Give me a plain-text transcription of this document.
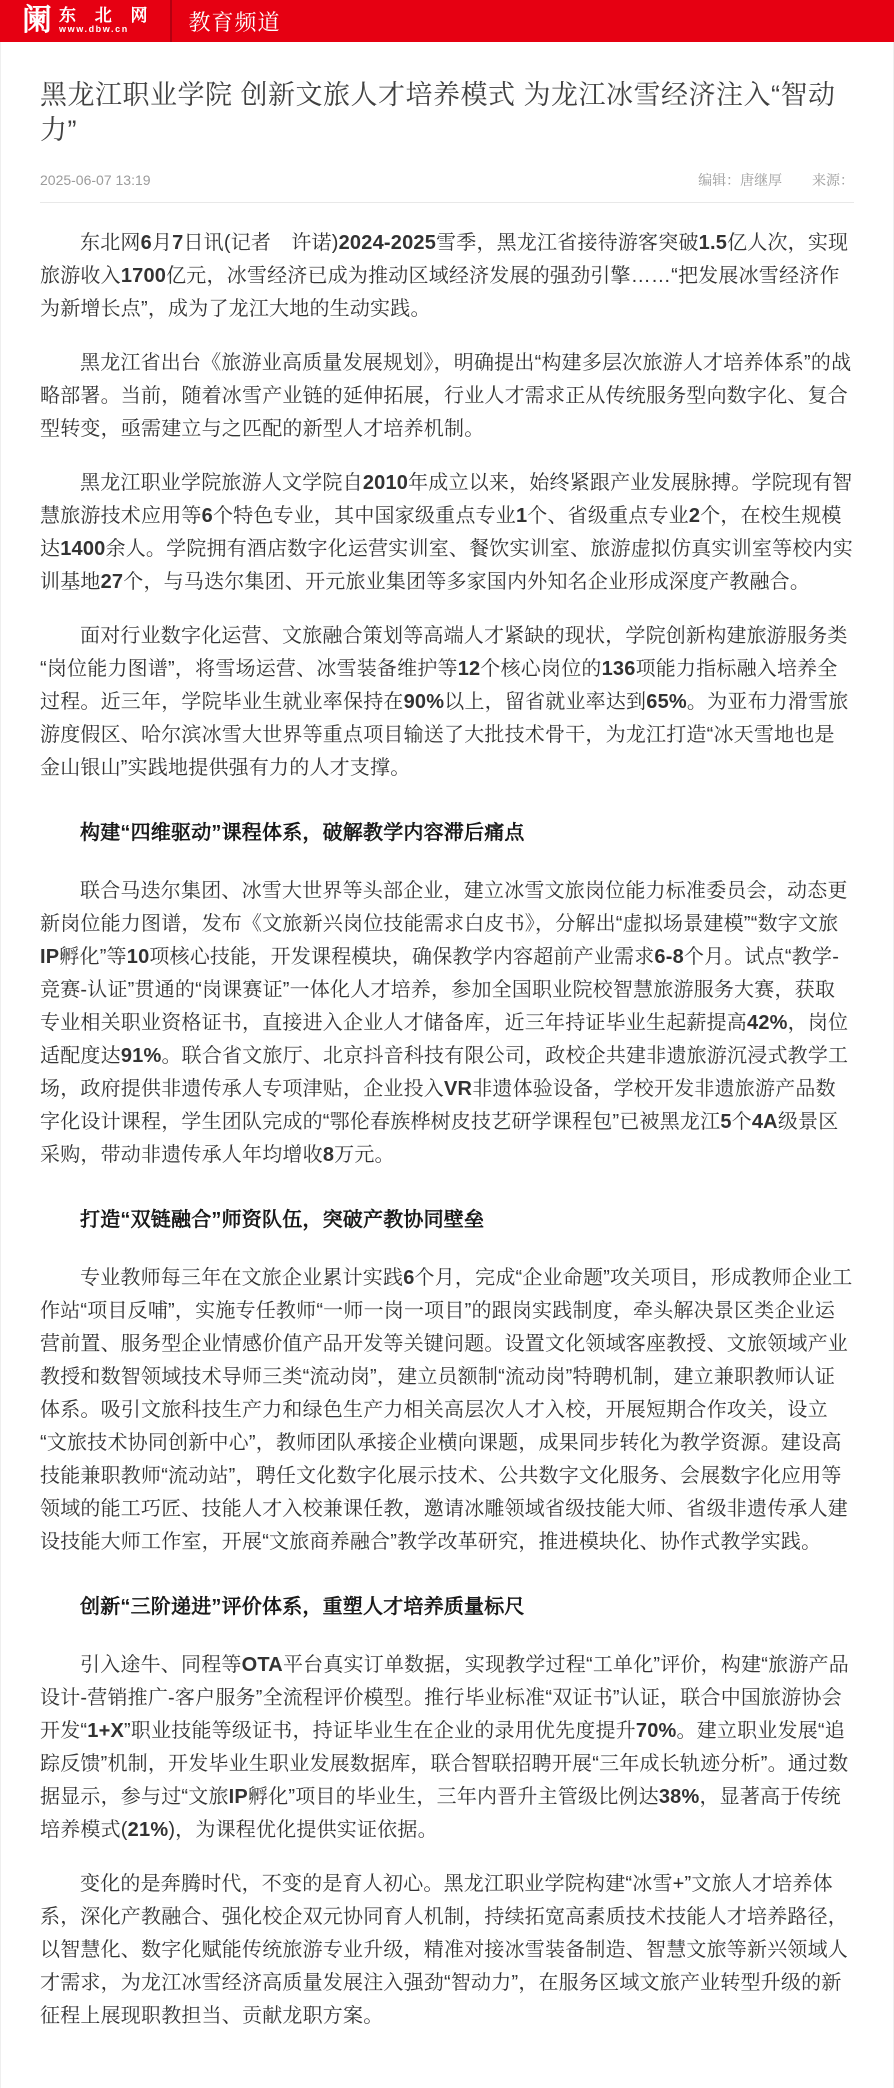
阑 东 北 网
www.dbw.cn	教育频道
黑龙江职业学院 创新文旅人才培养模式 为龙江冰雪经济注入“智动力”
2025-06-07 13:19	编辑：唐继厚 来源：

东北网6月7日讯(记者　许诺)2024-2025雪季，黑龙江省接待游客突破1.5亿人次，实现旅游收入1700亿元，冰雪经济已成为推动区域经济发展的强劲引擎……“把发展冰雪经济作为新增长点”，成为了龙江大地的生动实践。

黑龙江省出台《旅游业高质量发展规划》，明确提出“构建多层次旅游人才培养体系”的战略部署。当前，随着冰雪产业链的延伸拓展，行业人才需求正从传统服务型向数字化、复合型转变，亟需建立与之匹配的新型人才培养机制。

黑龙江职业学院旅游人文学院自2010年成立以来，始终紧跟产业发展脉搏。学院现有智慧旅游技术应用等6个特色专业，其中国家级重点专业1个、省级重点专业2个，在校生规模达1400余人。学院拥有酒店数字化运营实训室、餐饮实训室、旅游虚拟仿真实训室等校内实训基地27个，与马迭尔集团、开元旅业集团等多家国内外知名企业形成深度产教融合。

面对行业数字化运营、文旅融合策划等高端人才紧缺的现状，学院创新构建旅游服务类“岗位能力图谱”，将雪场运营、冰雪装备维护等12个核心岗位的136项能力指标融入培养全过程。近三年，学院毕业生就业率保持在90%以上，留省就业率达到65%。为亚布力滑雪旅游度假区、哈尔滨冰雪大世界等重点项目输送了大批技术骨干，为龙江打造“冰天雪地也是金山银山”实践地提供强有力的人才支撑。

构建“四维驱动”课程体系，破解教学内容滞后痛点

联合马迭尔集团、冰雪大世界等头部企业，建立冰雪文旅岗位能力标准委员会，动态更新岗位能力图谱，发布《文旅新兴岗位技能需求白皮书》，分解出“虚拟场景建模”“数字文旅IP孵化”等10项核心技能，开发课程模块，确保教学内容超前产业需求6-8个月。试点“教学-竞赛-认证”贯通的“岗课赛证”一体化人才培养，参加全国职业院校智慧旅游服务大赛，获取专业相关职业资格证书，直接进入企业人才储备库，近三年持证毕业生起薪提高42%，岗位适配度达91%。联合省文旅厅、北京抖音科技有限公司，政校企共建非遗旅游沉浸式教学工场，政府提供非遗传承人专项津贴，企业投入VR非遗体验设备，学校开发非遗旅游产品数字化设计课程，学生团队完成的“鄂伦春族桦树皮技艺研学课程包”已被黑龙江5个4A级景区采购，带动非遗传承人年均增收8万元。

打造“双链融合”师资队伍，突破产教协同壁垒

专业教师每三年在文旅企业累计实践6个月，完成“企业命题”攻关项目，形成教师企业工作站“项目反哺”，实施专任教师“一师一岗一项目”的跟岗实践制度，牵头解决景区类企业运营前置、服务型企业情感价值产品开发等关键问题。设置文化领域客座教授、文旅领域产业教授和数智领域技术导师三类“流动岗”，建立员额制“流动岗”特聘机制，建立兼职教师认证体系。吸引文旅科技生产力和绿色生产力相关高层次人才入校，开展短期合作攻关，设立“文旅技术协同创新中心”，教师团队承接企业横向课题，成果同步转化为教学资源。建设高技能兼职教师“流动站”，聘任文化数字化展示技术、公共数字文化服务、会展数字化应用等领域的能工巧匠、技能人才入校兼课任教，邀请冰雕领域省级技能大师、省级非遗传承人建设技能大师工作室，开展“文旅商养融合”教学改革研究，推进模块化、协作式教学实践。

创新“三阶递进”评价体系，重塑人才培养质量标尺

引入途牛、同程等OTA平台真实订单数据，实现教学过程“工单化”评价，构建“旅游产品设计-营销推广-客户服务”全流程评价模型。推行毕业标准“双证书”认证，联合中国旅游协会开发“1+X”职业技能等级证书，持证毕业生在企业的录用优先度提升70%。建立职业发展“追踪反馈”机制，开发毕业生职业发展数据库，联合智联招聘开展“三年成长轨迹分析”。通过数据显示，参与过“文旅IP孵化”项目的毕业生，三年内晋升主管级比例达38%，显著高于传统培养模式(21%)，为课程优化提供实证依据。

变化的是奔腾时代，不变的是育人初心。黑龙江职业学院构建“冰雪+”文旅人才培养体系，深化产教融合、强化校企双元协同育人机制，持续拓宽高素质技术技能人才培养路径，以智慧化、数字化赋能传统旅游专业升级，精准对接冰雪装备制造、智慧文旅等新兴领域人才需求，为龙江冰雪经济高质量发展注入强劲“智动力”，在服务区域文旅产业转型升级的新征程上展现职教担当、贡献龙职方案。
